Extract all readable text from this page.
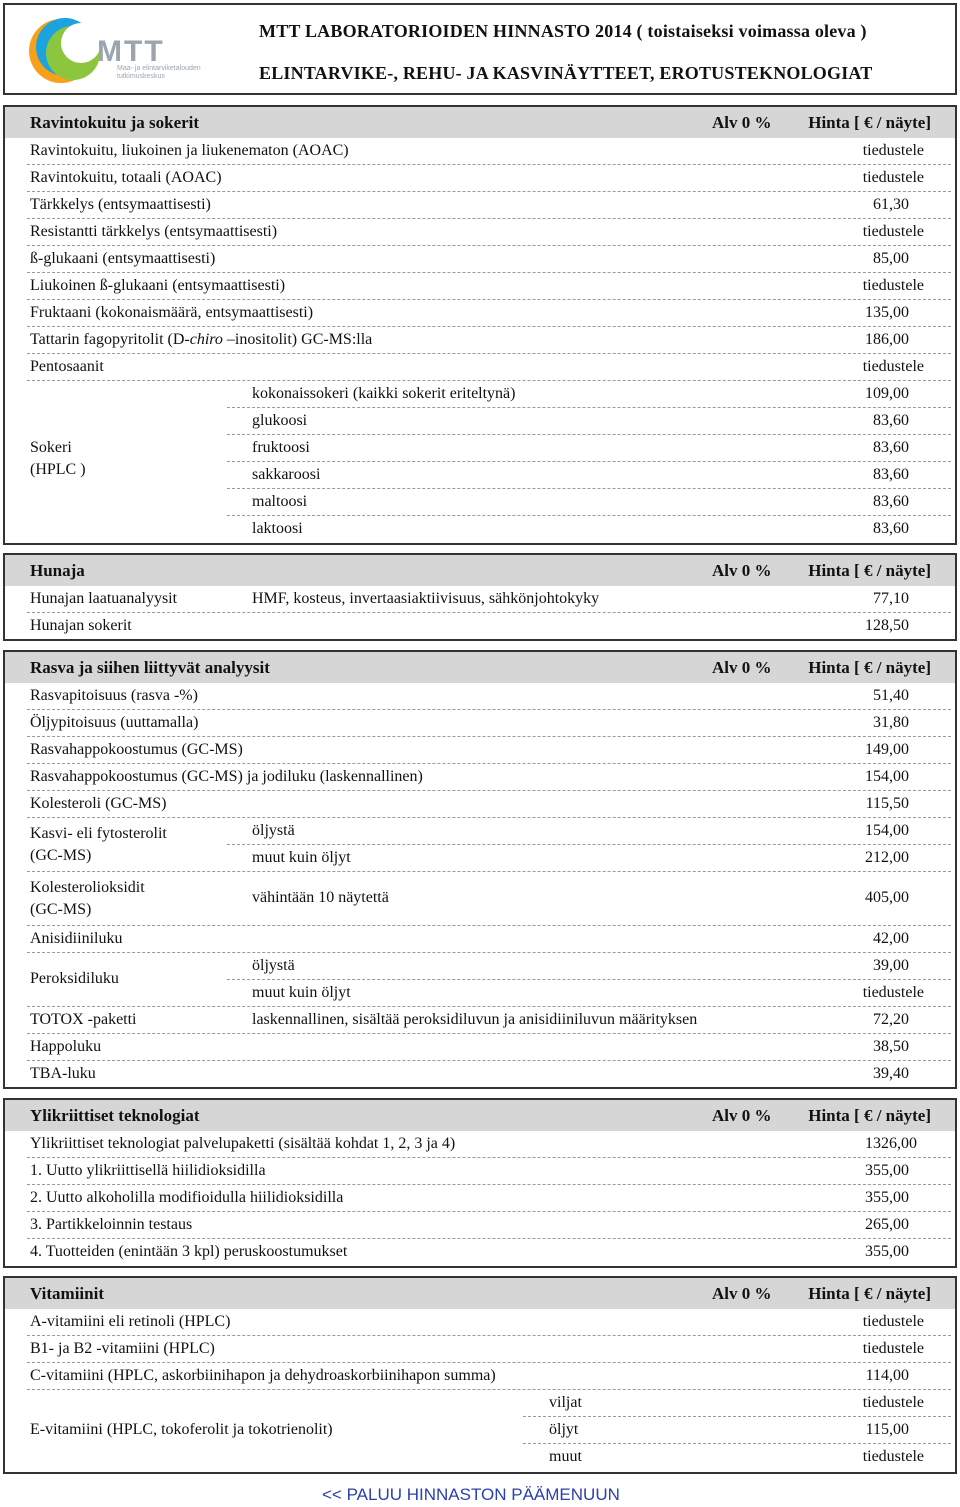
MTT
Maa- ja elintarviketalouden tutkimuskeskus
MTT LABORATORIOIDEN HINNASTO 2014 ( toistaiseksi voimassa oleva )
ELINTARVIKE-, REHU- JA KASVINÄYTTEET, EROTUSTEKNOLOGIAT
Ravintokuitu ja sokerit	Alv 0 % Hinta [ € / näyte]
Ravintokuitu, liukoinen ja liukenematon (AOAC)	tiedustele
Ravintokuitu, totaali (AOAC)	tiedustele
Tärkkelys (entsymaattisesti)	61,30
Resistantti tärkkelys (entsymaattisesti)	tiedustele
ß-glukaani (entsymaattisesti)	85,00
Liukoinen ß-glukaani (entsymaattisesti)	tiedustele
Fruktaani (kokonaismäärä, entsymaattisesti)	135,00
Tattarin fagopyritolit (D-chiro –inositolit) GC-MS:lla	186,00
Pentosaanit	tiedustele
Sokeri
(HPLC )
kokonaissokeri (kaikki sokerit eriteltynä)	109,00
glukoosi	83,60
fruktoosi	83,60
sakkaroosi	83,60
maltoosi	83,60
laktoosi	83,60
Hunaja	Alv 0 % Hinta [ € / näyte]
Hunajan laatuanalyysit	HMF, kosteus, invertaasiaktiivisuus, sähkönjohtokyky	77,10
Hunajan sokerit	128,50
Rasva ja siihen liittyvät analyysit	Alv 0 % Hinta [ € / näyte]
Rasvapitoisuus (rasva -%)	51,40
Öljypitoisuus (uuttamalla)	31,80
Rasvahappokoostumus (GC-MS)	149,00
Rasvahappokoostumus (GC-MS) ja jodiluku (laskennallinen)	154,00
Kolesteroli (GC-MS)	115,50
Kasvi- eli fytosterolit
(GC-MS)
öljystä	154,00
muut kuin öljyt	212,00
Kolesterolioksidit
(GC-MS)
vähintään 10 näytettä	405,00
Anisidiiniluku	42,00
Peroksidiluku
öljystä	39,00
muut kuin öljyt	tiedustele
TOTOX -paketti	laskennallinen, sisältää peroksidiluvun ja anisidiiniluvun määrityksen	72,20
Happoluku	38,50
TBA-luku	39,40
Ylikriittiset teknologiat	Alv 0 % Hinta [ € / näyte]
Ylikriittiset teknologiat palvelupaketti (sisältää kohdat 1, 2, 3 ja 4)	1326,00
1. Uutto ylikriittisellä hiilidioksidilla	355,00
2. Uutto alkoholilla modifioidulla hiilidioksidilla	355,00
3. Partikkeloinnin testaus	265,00
4. Tuotteiden (enintään 3 kpl) peruskoostumukset	355,00
Vitamiinit	Alv 0 % Hinta [ € / näyte]
A-vitamiini eli retinoli (HPLC)	tiedustele
B1- ja B2 -vitamiini (HPLC)	tiedustele
C-vitamiini (HPLC, askorbiinihapon ja dehydroaskorbiinihapon summa)	114,00
E-vitamiini (HPLC, tokoferolit ja tokotrienolit)
viljat	tiedustele
öljyt	115,00
muut	tiedustele
<< PALUU HINNASTON PÄÄMENUUN
